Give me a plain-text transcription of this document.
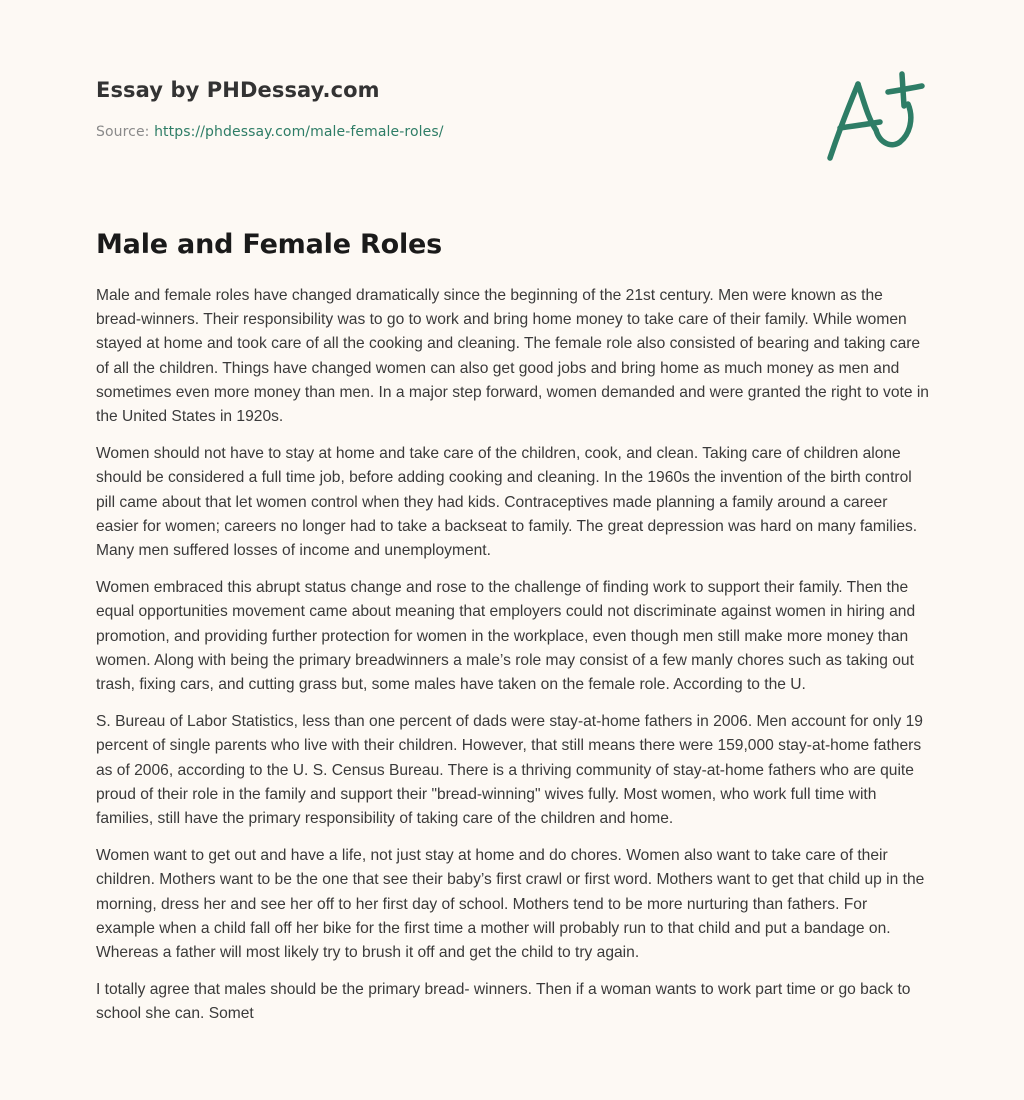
Essay by PHDessay.com
Source: https://phdessay.com/male-female-roles/
Male and Female Roles

Male and female roles have changed dramatically since the beginning of the 21st century. Men were known as the bread-winners. Their responsibility was to go to work and bring home money to take care of their family. While women stayed at home and took care of all the cooking and cleaning. The female role also consisted of bearing and taking care of all the children. Things have changed women can also get good jobs and bring home as much money as men and sometimes even more money than men. In a major step forward, women demanded and were granted the right to vote in the United States in 1920s.

Women should not have to stay at home and take care of the children, cook, and clean. Taking care of children alone should be considered a full time job, before adding cooking and cleaning. In the 1960s the invention of the birth control pill came about that let women control when they had kids. Contraceptives made planning a family around a career easier for women; careers no longer had to take a backseat to family. The great depression was hard on many families. Many men suffered losses of income and unemployment.

Women embraced this abrupt status change and rose to the challenge of finding work to support their family. Then the equal opportunities movement came about meaning that employers could not discriminate against women in hiring and promotion, and providing further protection for women in the workplace, even though men still make more money than women. Along with being the primary breadwinners a male’s role may consist of a few manly chores such as taking out trash, fixing cars, and cutting grass but, some males have taken on the female role. According to the U.

S. Bureau of Labor Statistics, less than one percent of dads were stay-at-home fathers in 2006. Men account for only 19 percent of single parents who live with their children. However, that still means there were 159,000 stay-at-home fathers as of 2006, according to the U. S. Census Bureau. There is a thriving community of stay-at-home fathers who are quite proud of their role in the family and support their "bread-winning" wives fully. Most women, who work full time with families, still have the primary responsibility of taking care of the children and home.

Women want to get out and have a life, not just stay at home and do chores. Women also want to take care of their children. Mothers want to be the one that see their baby’s first crawl or first word. Mothers want to get that child up in the morning, dress her and see her off to her first day of school. Mothers tend to be more nurturing than fathers. For example when a child fall off her bike for the first time a mother will probably run to that child and put a bandage on. Whereas a father will most likely try to brush it off and get the child to try again.

I totally agree that males should be the primary bread- winners. Then if a woman wants to work part time or go back to school she can. Somet
